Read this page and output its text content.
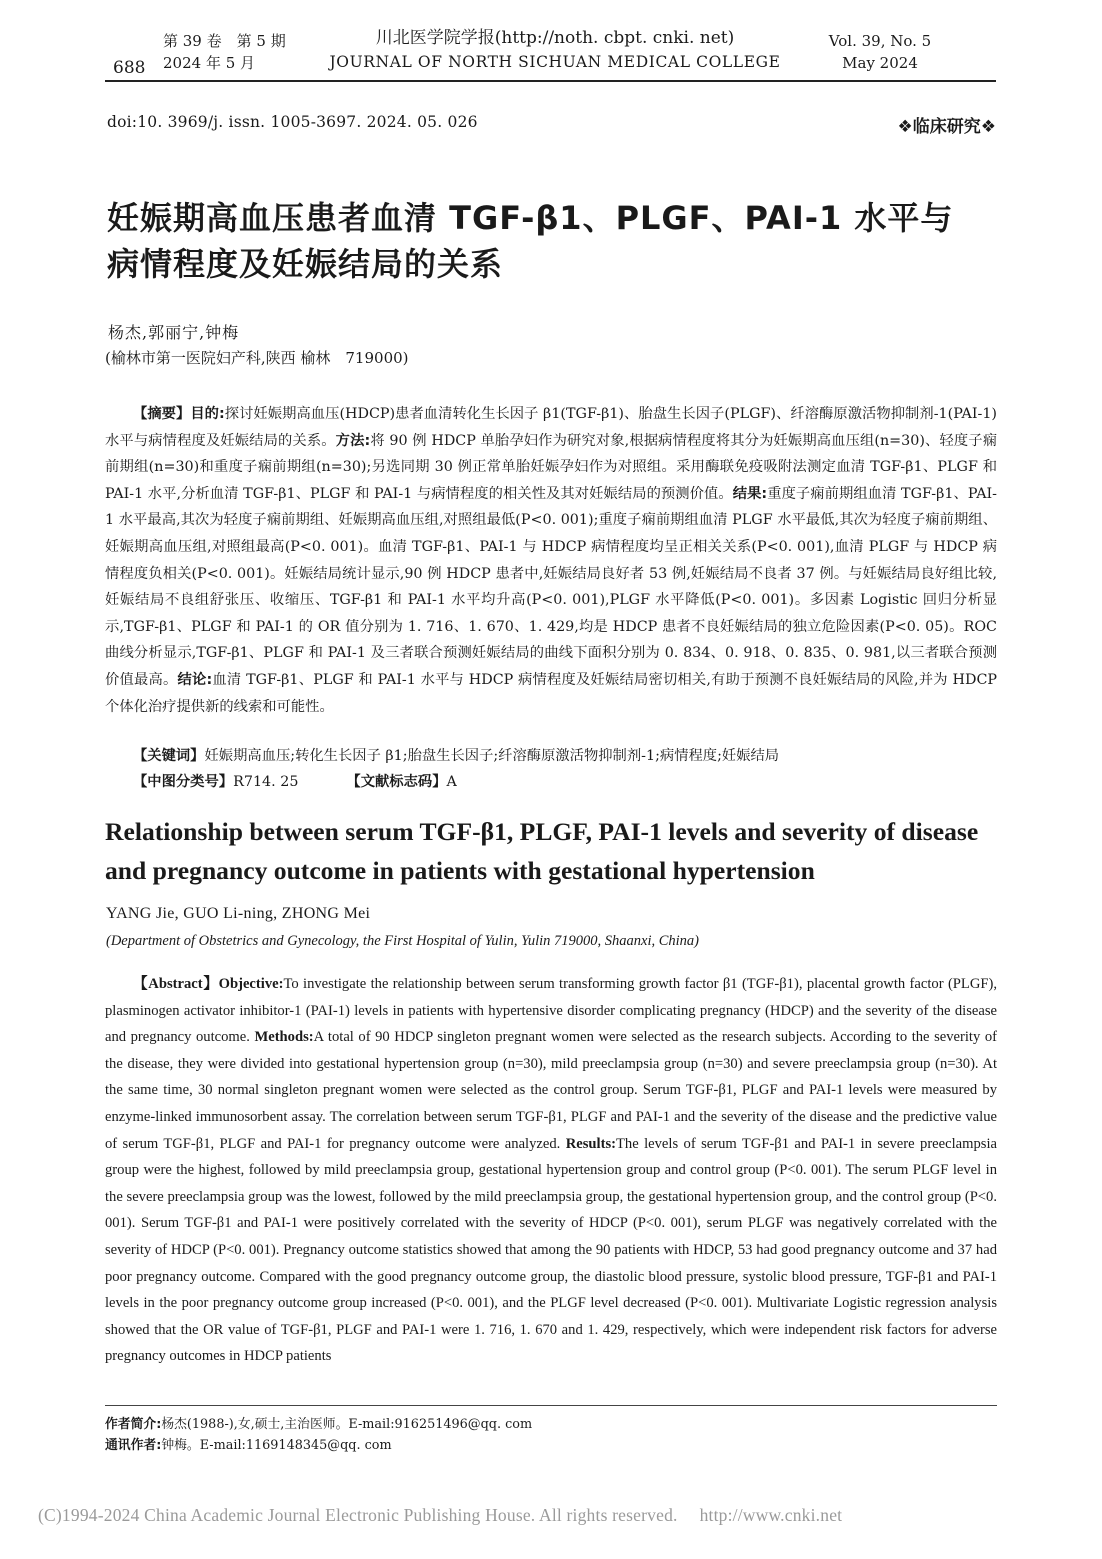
688
第 39 卷　第 5 期
2024 年 5 月
川北医学院学报(http://noth. cbpt. cnki. net)
JOURNAL OF NORTH SICHUAN MEDICAL COLLEGE
Vol. 39, No. 5
May 2024
doi:10. 3969/j. issn. 1005-3697. 2024. 05. 026	❖临床研究❖
妊娠期高血压患者血清 TGF-β1、PLGF、PAI-1 水平与
病情程度及妊娠结局的关系
杨杰,郭丽宁,钟梅
(榆林市第一医院妇产科,陕西 榆林　719000)
【摘要】目的:探讨妊娠期高血压(HDCP)患者血清转化生长因子 β1(TGF-β1)、胎盘生长因子(PLGF)、纤溶酶原激活物抑制剂-1(PAI-1)水平与病情程度及妊娠结局的关系。方法:将 90 例 HDCP 单胎孕妇作为研究对象,根据病情程度将其分为妊娠期高血压组(n=30)、轻度子痫前期组(n=30)和重度子痫前期组(n=30);另选同期 30 例正常单胎妊娠孕妇作为对照组。采用酶联免疫吸附法测定血清 TGF-β1、PLGF 和 PAI-1 水平,分析血清 TGF-β1、PLGF 和 PAI-1 与病情程度的相关性及其对妊娠结局的预测价值。结果:重度子痫前期组血清 TGF-β1、PAI-1 水平最高,其次为轻度子痫前期组、妊娠期高血压组,对照组最低(P<0. 001);重度子痫前期组血清 PLGF 水平最低,其次为轻度子痫前期组、妊娠期高血压组,对照组最高(P<0. 001)。血清 TGF-β1、PAI-1 与 HDCP 病情程度均呈正相关关系(P<0. 001),血清 PLGF 与 HDCP 病情程度负相关(P<0. 001)。妊娠结局统计显示,90 例 HDCP 患者中,妊娠结局良好者 53 例,妊娠结局不良者 37 例。与妊娠结局良好组比较,妊娠结局不良组舒张压、收缩压、TGF-β1 和 PAI-1 水平均升高(P<0. 001),PLGF 水平降低(P<0. 001)。多因素 Logistic 回归分析显示,TGF-β1、PLGF 和 PAI-1 的 OR 值分别为 1. 716、1. 670、1. 429,均是 HDCP 患者不良妊娠结局的独立危险因素(P<0. 05)。ROC 曲线分析显示,TGF-β1、PLGF 和 PAI-1 及三者联合预测妊娠结局的曲线下面积分别为 0. 834、0. 918、0. 835、0. 981,以三者联合预测价值最高。结论:血清 TGF-β1、PLGF 和 PAI-1 水平与 HDCP 病情程度及妊娠结局密切相关,有助于预测不良妊娠结局的风险,并为 HDCP 个体化治疗提供新的线索和可能性。
【关键词】妊娠期高血压;转化生长因子 β1;胎盘生长因子;纤溶酶原激活物抑制剂-1;病情程度;妊娠结局
【中图分类号】R714. 25	【文献标志码】A
Relationship between serum TGF-β1, PLGF, PAI-1 levels and severity of disease and pregnancy outcome in patients with gestational hypertension
YANG Jie, GUO Li-ning, ZHONG Mei
(Department of Obstetrics and Gynecology, the First Hospital of Yulin, Yulin 719000, Shaanxi, China)
【Abstract】Objective:To investigate the relationship between serum transforming growth factor β1 (TGF-β1), placental growth factor (PLGF), plasminogen activator inhibitor-1 (PAI-1) levels in patients with hypertensive disorder complicating pregnancy (HDCP) and the severity of the disease and pregnancy outcome. Methods:A total of 90 HDCP singleton pregnant women were selected as the research subjects. According to the severity of the disease, they were divided into gestational hypertension group (n=30), mild preeclampsia group (n=30) and severe preeclampsia group (n=30). At the same time, 30 normal singleton pregnant women were selected as the control group. Serum TGF-β1, PLGF and PAI-1 levels were measured by enzyme-linked immunosorbent assay. The correlation between serum TGF-β1, PLGF and PAI-1 and the severity of the disease and the predictive value of serum TGF-β1, PLGF and PAI-1 for pregnancy outcome were analyzed. Results:The levels of serum TGF-β1 and PAI-1 in severe preeclampsia group were the highest, followed by mild preeclampsia group, gestational hypertension group and control group (P<0. 001). The serum PLGF level in the severe preeclampsia group was the lowest, followed by the mild preeclampsia group, the gestational hypertension group, and the control group (P<0. 001). Serum TGF-β1 and PAI-1 were positively correlated with the severity of HDCP (P<0. 001), serum PLGF was negatively correlated with the severity of HDCP (P<0. 001). Pregnancy outcome statistics showed that among the 90 patients with HDCP, 53 had good pregnancy outcome and 37 had poor pregnancy outcome. Compared with the good pregnancy outcome group, the diastolic blood pressure, systolic blood pressure, TGF-β1 and PAI-1 levels in the poor pregnancy outcome group increased (P<0. 001), and the PLGF level decreased (P<0. 001). Multivariate Logistic regression analysis showed that the OR value of TGF-β1, PLGF and PAI-1 were 1. 716, 1. 670 and 1. 429, respectively, which were independent risk factors for adverse pregnancy outcomes in HDCP patients
作者简介:杨杰(1988-),女,硕士,主治医师。E-mail:916251496@qq. com
通讯作者:钟梅。E-mail:1169148345@qq. com
(C)1994-2024 China Academic Journal Electronic Publishing House. All rights reserved. http://www.cnki.net
